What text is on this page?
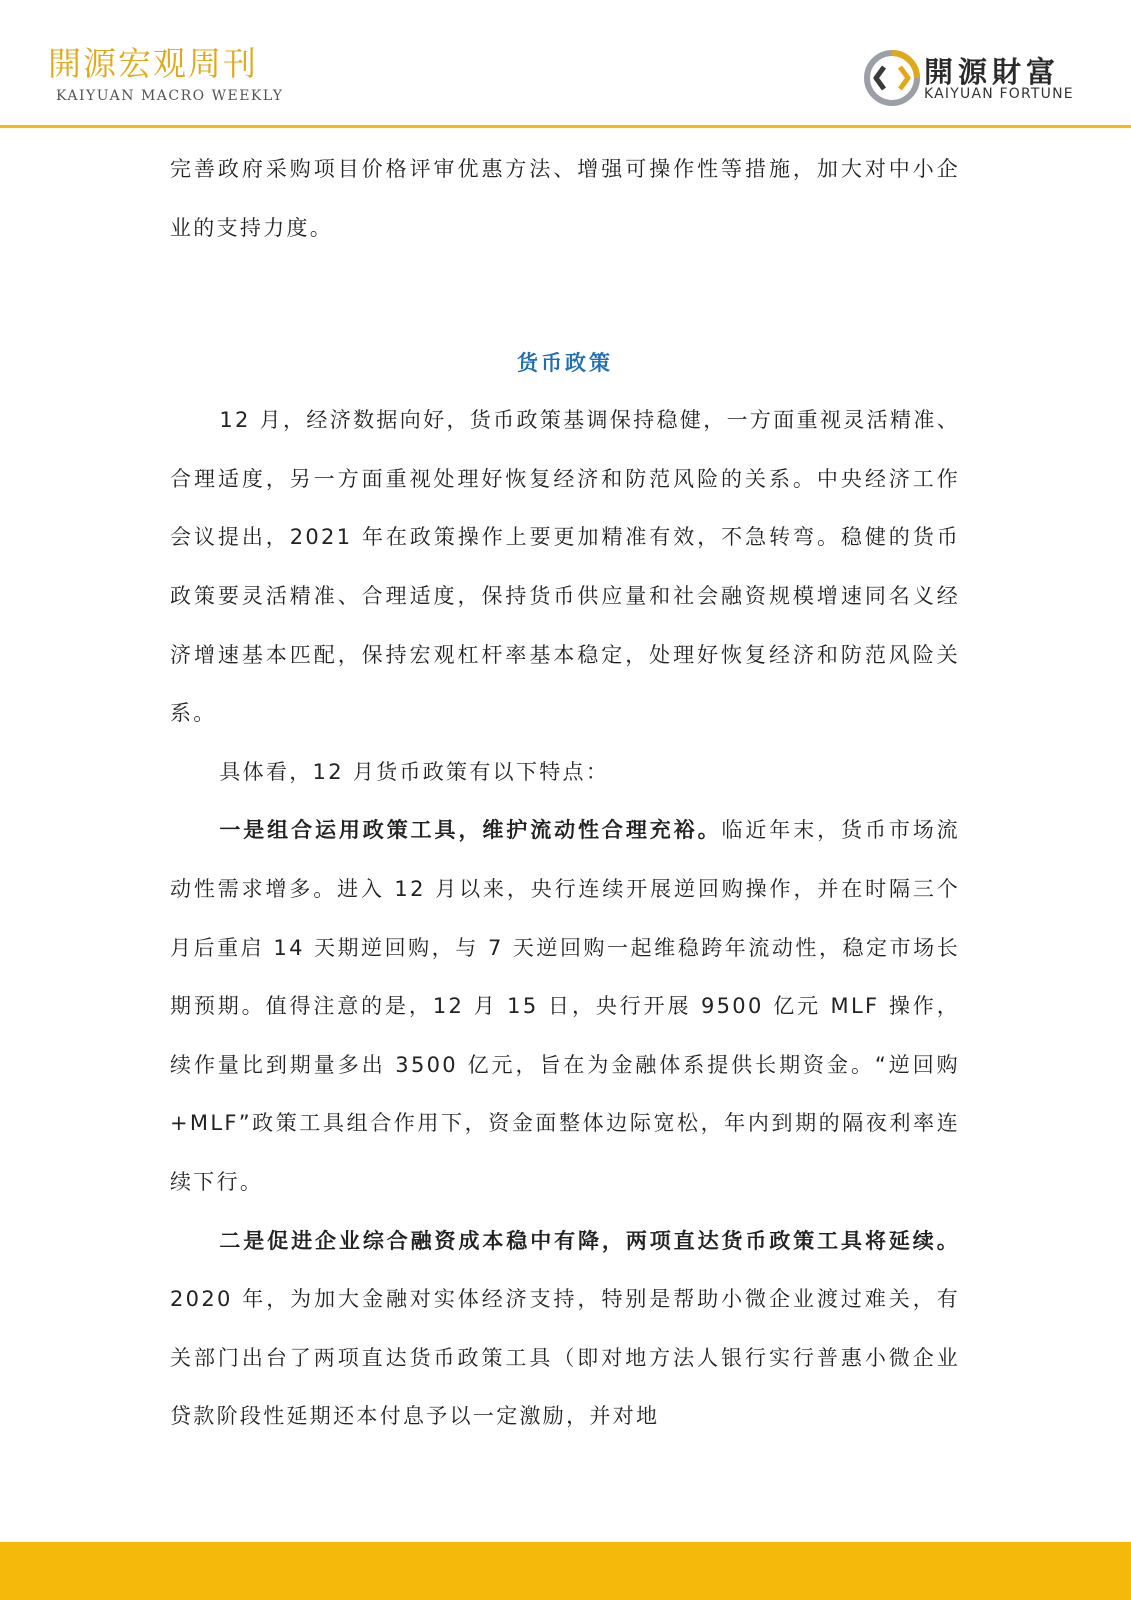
開源宏观周刊
KAIYUAN MACRO WEEKLY
開源財富
KAIYUAN FORTUNE

完善政府采购项目价格评审优惠方法、增强可操作性等措施，加大对中小企业的支持力度。

货币政策

12 月，经济数据向好，货币政策基调保持稳健，一方面重视灵活精准、合理适度，另一方面重视处理好恢复经济和防范风险的关系。中央经济工作会议提出，2021 年在政策操作上要更加精准有效，不急转弯。稳健的货币政策要灵活精准、合理适度，保持货币供应量和社会融资规模增速同名义经济增速基本匹配，保持宏观杠杆率基本稳定，处理好恢复经济和防范风险关系。

具体看，12 月货币政策有以下特点：

一是组合运用政策工具，维护流动性合理充裕。临近年末，货币市场流动性需求增多。进入 12 月以来，央行连续开展逆回购操作，并在时隔三个月后重启 14 天期逆回购，与 7 天逆回购一起维稳跨年流动性，稳定市场长期预期。值得注意的是，12 月 15 日，央行开展 9500 亿元 MLF 操作，续作量比到期量多出 3500 亿元，旨在为金融体系提供长期资金。“逆回购+MLF”政策工具组合作用下，资金面整体边际宽松，年内到期的隔夜利率连续下行。

二是促进企业综合融资成本稳中有降，两项直达货币政策工具将延续。2020 年，为加大金融对实体经济支持，特别是帮助小微企业渡过难关，有关部门出台了两项直达货币政策工具（即对地方法人银行实行普惠小微企业贷款阶段性延期还本付息予以一定激励，并对地
